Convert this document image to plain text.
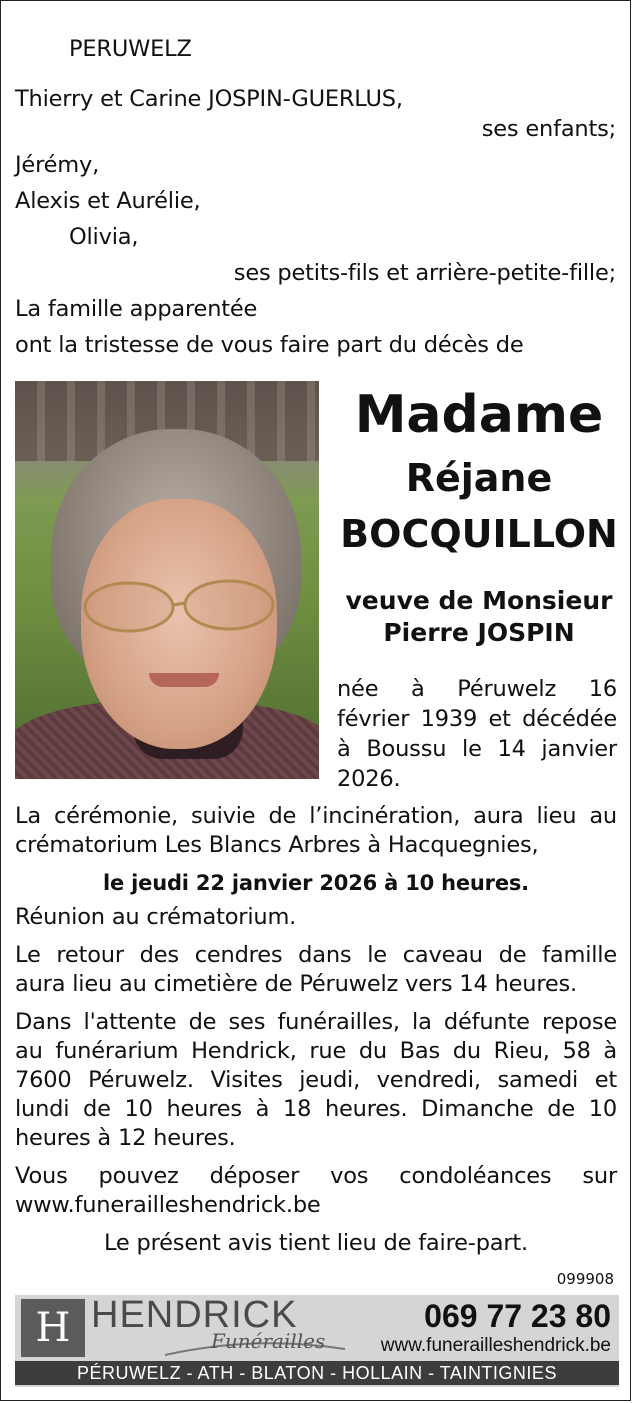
PERUWELZ
Thierry et Carine JOSPIN-GUERLUS,
ses enfants;
Jérémy,
Alexis et Aurélie,
Olivia,
ses petits-fils et arrière-petite-fille;
La famille apparentée
ont la tristesse de vous faire part du décès de
Madame
Réjane
BOCQUILLON
veuve de Monsieur
Pierre JOSPIN
née à Péruwelz 16
février 1939 et décédée
à Boussu le 14 janvier
2026.
La cérémonie, suivie de l’incinération, aura lieu au
crématorium Les Blancs Arbres à Hacquegnies,
le jeudi 22 janvier 2026 à 10 heures.
Réunion au crématorium.
Le retour des cendres dans le caveau de famille
aura lieu au cimetière de Péruwelz vers 14 heures.
Dans l'attente de ses funérailles, la défunte repose
au funérarium Hendrick, rue du Bas du Rieu, 58 à
7600 Péruwelz. Visites jeudi, vendredi, samedi et
lundi de 10 heures à 18 heures. Dimanche de 10
heures à 12 heures.
Vous pouvez déposer vos condoléances sur
www.funerailleshendrick.be
Le présent avis tient lieu de faire-part.
099908
H HENDRICK
Funérailles
069 77 23 80
www.funerailleshendrick.be
PÉRUWELZ - ATH - BLATON - HOLLAIN - TAINTIGNIES
